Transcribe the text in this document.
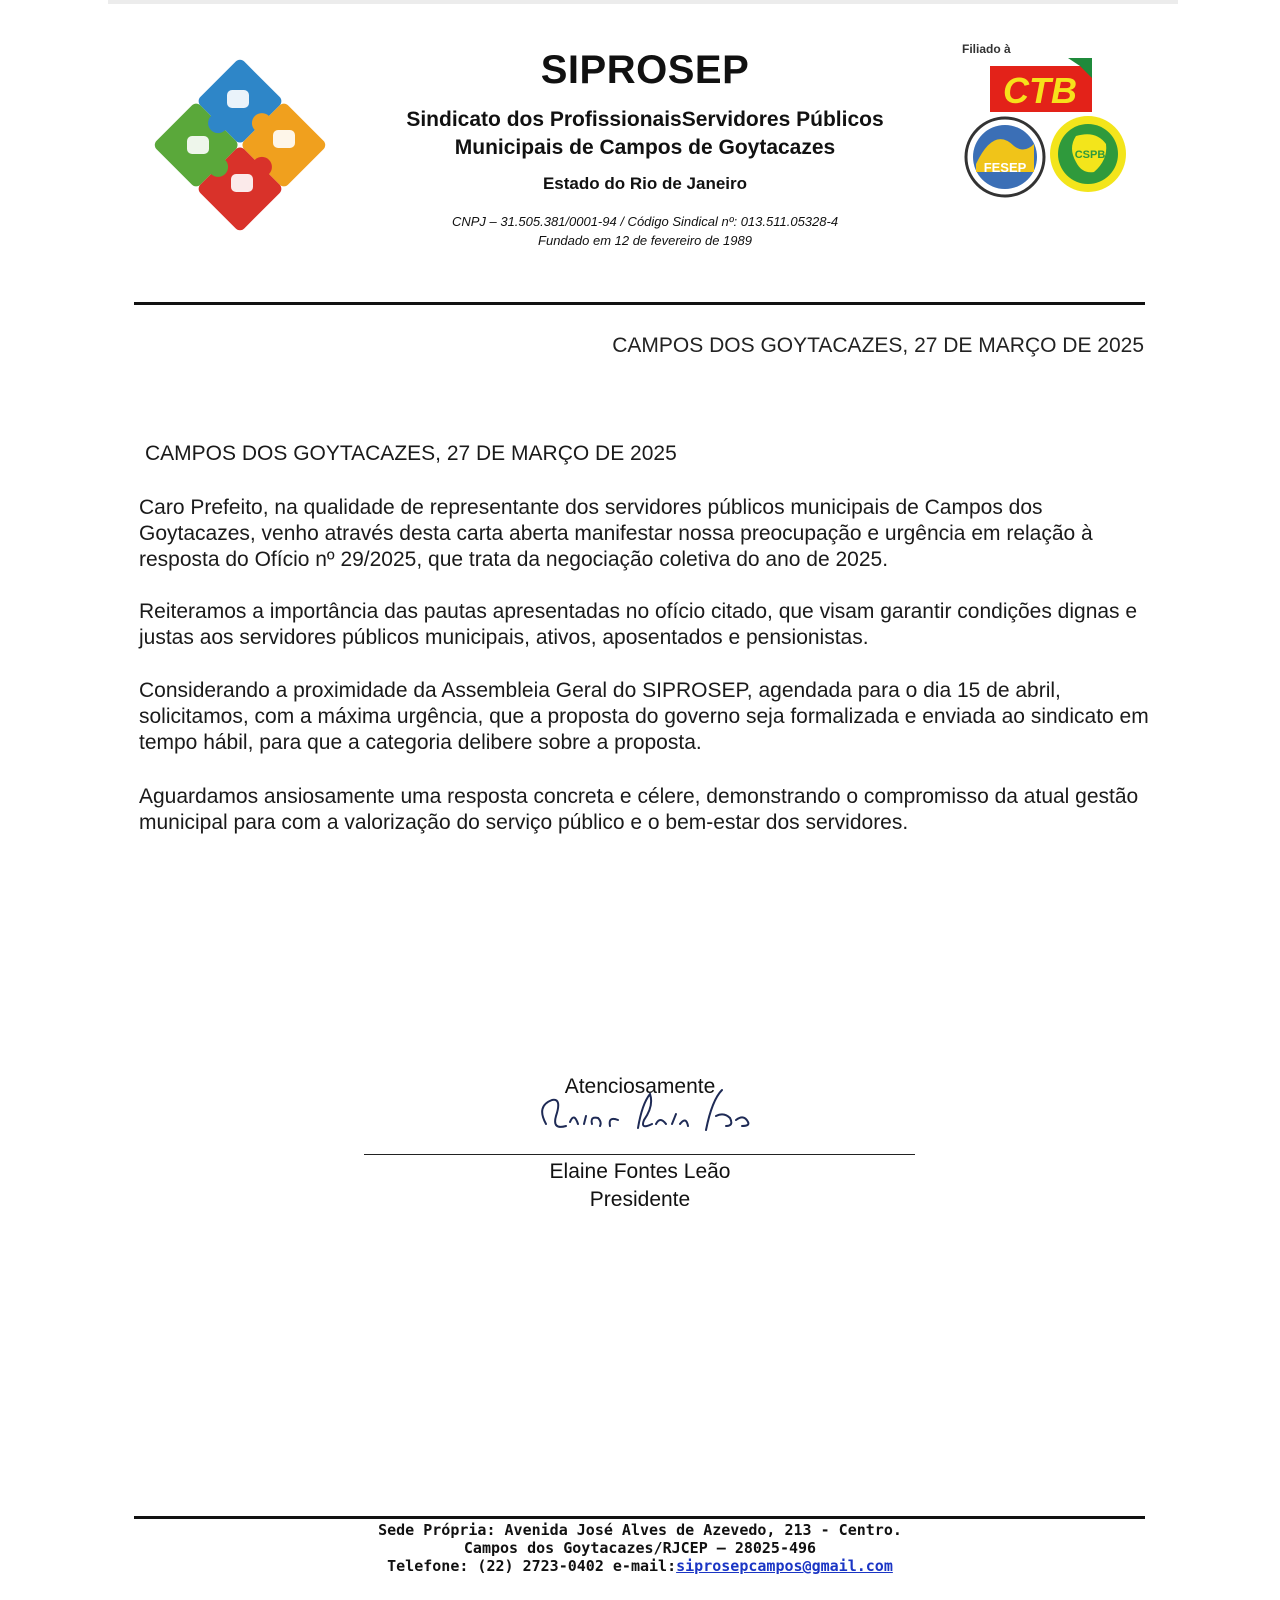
SIPROSEP
Sindicato dos ProfissionaisServidores Públicos
Municipais de Campos de Goytacazes
Estado do Rio de Janeiro
CNPJ – 31.505.381/0001-94 / Código Sindical nº: 013.511.05328-4
Fundado em 12 de fevereiro de 1989
Filiado à
CTB
FESEP
CSPB
CAMPOS DOS GOYTACAZES, 27 DE MARÇO DE 2025
CAMPOS DOS GOYTACAZES, 27 DE MARÇO DE 2025
Caro Prefeito, na qualidade de representante dos servidores públicos municipais de Campos dos Goytacazes, venho através desta carta aberta manifestar nossa preocupação e urgência em relação à resposta do Ofício nº 29/2025, que trata da negociação coletiva do ano de 2025.
Reiteramos a importância das pautas apresentadas no ofício citado, que visam garantir condições dignas e justas aos servidores públicos municipais, ativos, aposentados e pensionistas.
Considerando a proximidade da Assembleia Geral do SIPROSEP, agendada para o dia 15 de abril, solicitamos, com a máxima urgência, que a proposta do governo seja formalizada e enviada ao sindicato em tempo hábil, para que a categoria delibere sobre a proposta.
Aguardamos ansiosamente uma resposta concreta e célere, demonstrando o compromisso da atual gestão municipal para com a valorização do serviço público e o bem-estar dos servidores.
Atenciosamente
Elaine Fontes Leão
Presidente
Sede Própria: Avenida José Alves de Azevedo, 213 - Centro.
Campos dos Goytacazes/RJCEP – 28025-496
Telefone: (22) 2723-0402 e-mail:siprosepcampos@gmail.com
